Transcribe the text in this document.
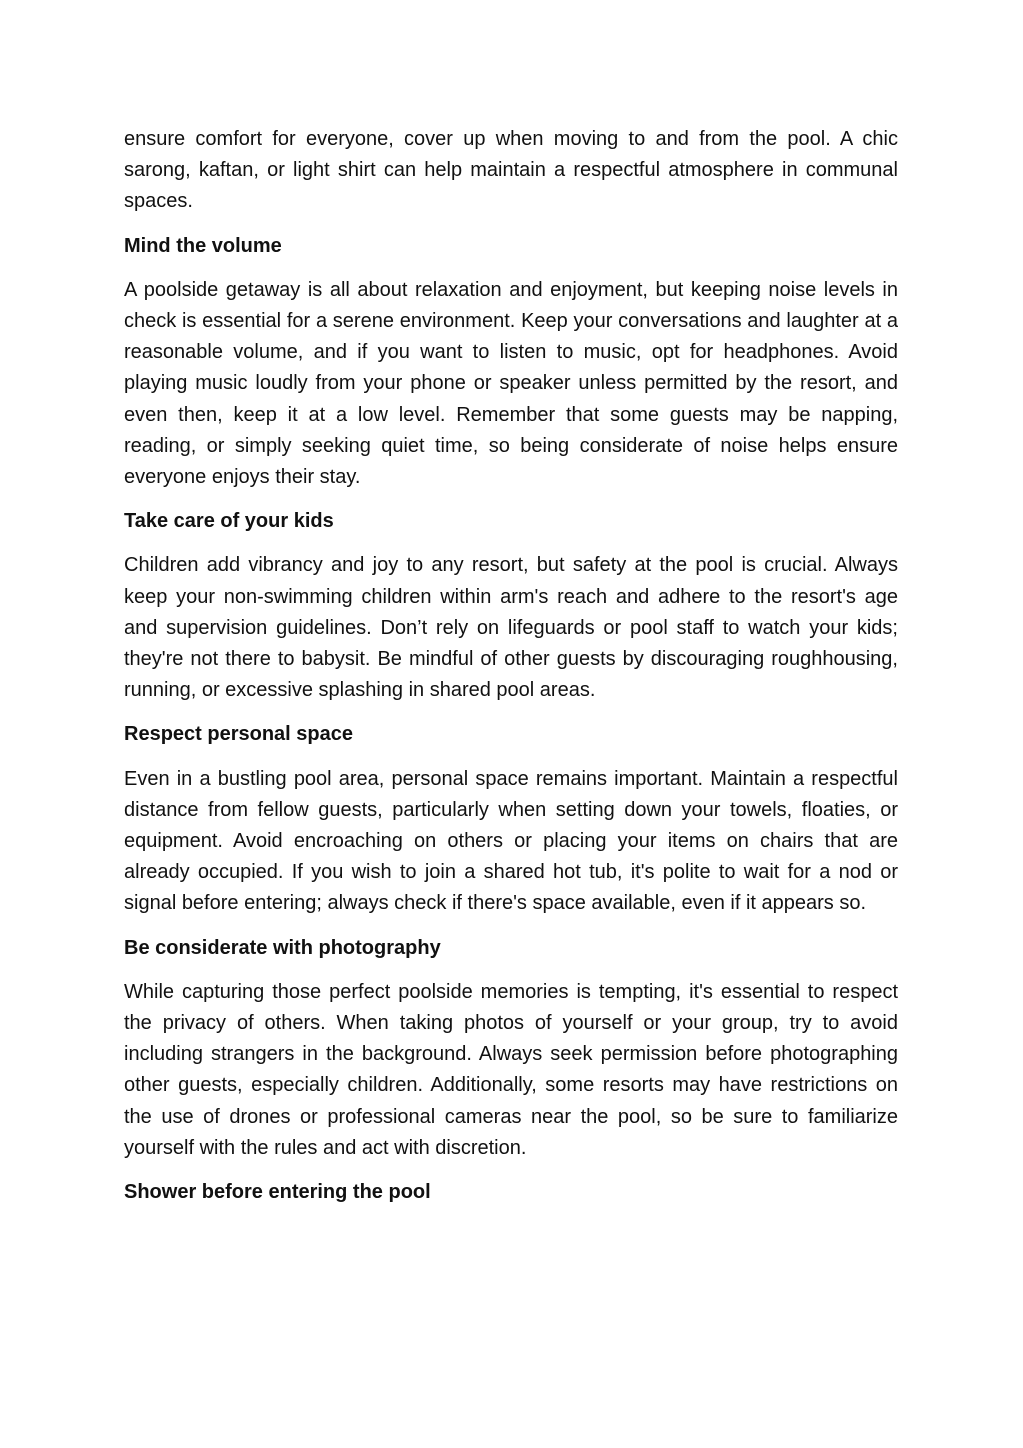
ensure comfort for everyone, cover up when moving to and from the pool. A chic sarong, kaftan, or light shirt can help maintain a respectful atmosphere in communal spaces.

Mind the volume

A poolside getaway is all about relaxation and enjoyment, but keeping noise levels in check is essential for a serene environment. Keep your conversations and laughter at a reasonable volume, and if you want to listen to music, opt for headphones. Avoid playing music loudly from your phone or speaker unless permitted by the resort, and even then, keep it at a low level. Remember that some guests may be napping, reading, or simply seeking quiet time, so being considerate of noise helps ensure everyone enjoys their stay.

Take care of your kids

Children add vibrancy and joy to any resort, but safety at the pool is crucial. Always keep your non-swimming children within arm's reach and adhere to the resort's age and supervision guidelines. Don’t rely on lifeguards or pool staff to watch your kids; they're not there to babysit. Be mindful of other guests by discouraging roughhousing, running, or excessive splashing in shared pool areas.

Respect personal space

Even in a bustling pool area, personal space remains important. Maintain a respectful distance from fellow guests, particularly when setting down your towels, floaties, or equipment. Avoid encroaching on others or placing your items on chairs that are already occupied. If you wish to join a shared hot tub, it's polite to wait for a nod or signal before entering; always check if there's space available, even if it appears so.

Be considerate with photography

While capturing those perfect poolside memories is tempting, it's essential to respect the privacy of others. When taking photos of yourself or your group, try to avoid including strangers in the background. Always seek permission before photographing other guests, especially children. Additionally, some resorts may have restrictions on the use of drones or professional cameras near the pool, so be sure to familiarize yourself with the rules and act with discretion.

Shower before entering the pool
